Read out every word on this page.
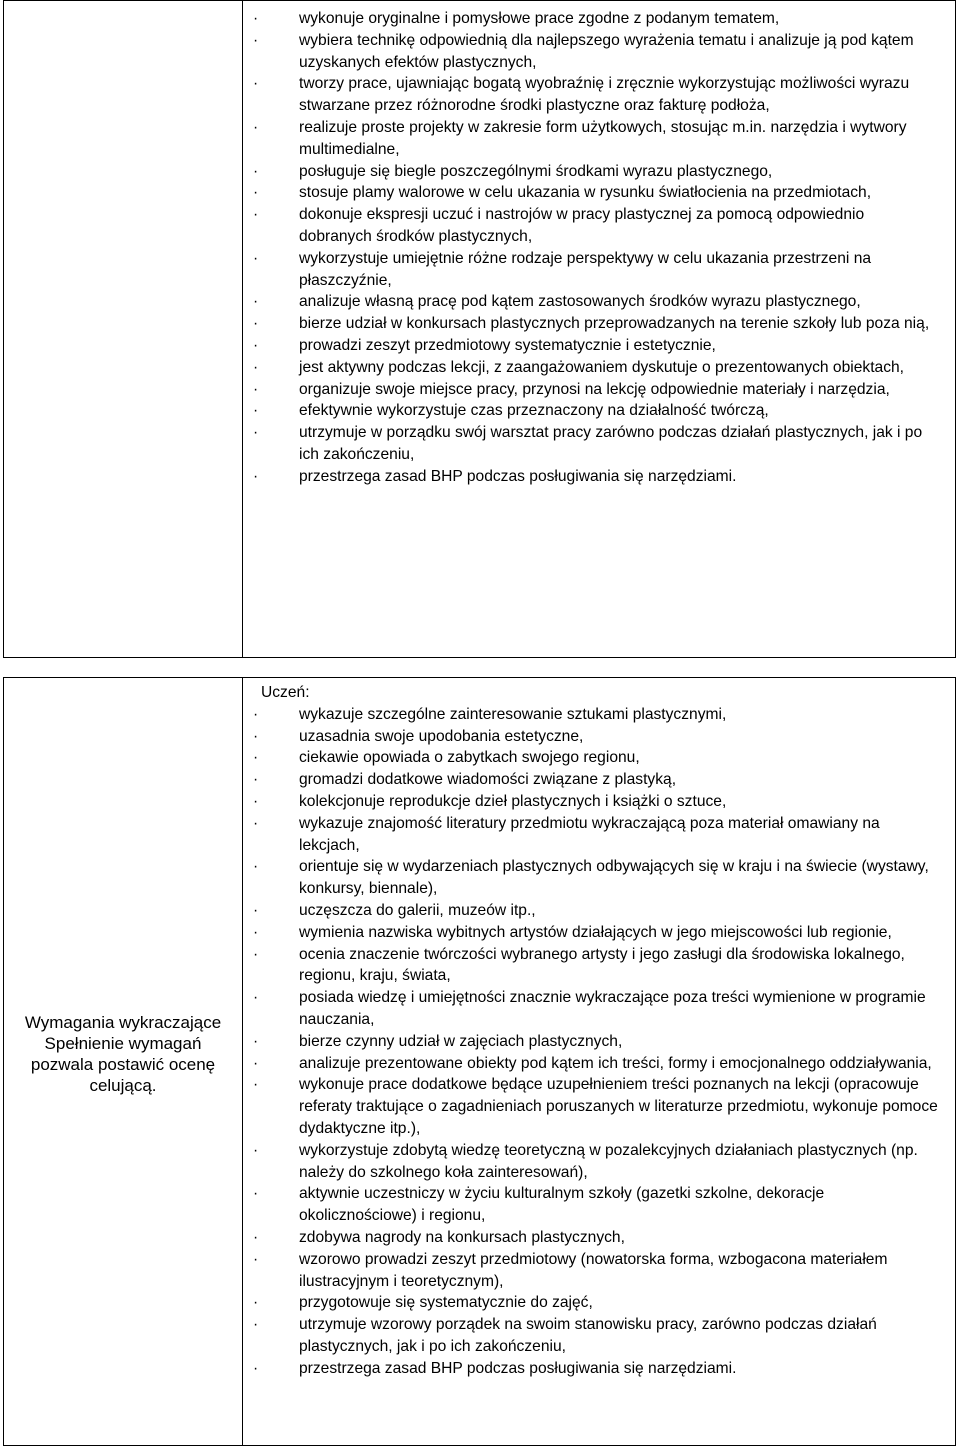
· wykonuje oryginalne i pomysłowe prace zgodne z podanym tematem,
· wybiera technikę odpowiednią dla najlepszego wyrażenia tematu i analizuje ją pod kątem uzyskanych efektów plastycznych,
· tworzy prace, ujawniając bogatą wyobraźnię i zręcznie wykorzystując możliwości wyrazu stwarzane przez różnorodne środki plastyczne oraz fakturę podłoża,
· realizuje proste projekty w zakresie form użytkowych, stosując m.in. narzędzia i wytwory multimedialne,
· posługuje się biegle poszczególnymi środkami wyrazu plastycznego,
· stosuje plamy walorowe w celu ukazania w rysunku światłocienia na przedmiotach,
· dokonuje ekspresji uczuć i nastrojów w pracy plastycznej za pomocą odpowiednio dobranych środków plastycznych,
· wykorzystuje umiejętnie różne rodzaje perspektywy w celu ukazania przestrzeni na płaszczyźnie,
· analizuje własną pracę pod kątem zastosowanych środków wyrazu plastycznego,
· bierze udział w konkursach plastycznych przeprowadzanych na terenie szkoły lub poza nią,
· prowadzi zeszyt przedmiotowy systematycznie i estetycznie,
· jest aktywny podczas lekcji, z zaangażowaniem dyskutuje o prezentowanych obiektach,
· organizuje swoje miejsce pracy, przynosi na lekcję odpowiednie materiały i narzędzia,
· efektywnie wykorzystuje czas przeznaczony na działalność twórczą,
· utrzymuje w porządku swój warsztat pracy zarówno podczas działań plastycznych, jak i po ich zakończeniu,
· przestrzega zasad BHP podczas posługiwania się narzędziami.
Wymagania wykraczające
Spełnienie wymagań pozwala postawić ocenę celującą.
Uczeń:
· wykazuje szczególne zainteresowanie sztukami plastycznymi,
· uzasadnia swoje upodobania estetyczne,
· ciekawie opowiada o zabytkach swojego regionu,
· gromadzi dodatkowe wiadomości związane z plastyką,
· kolekcjonuje reprodukcje dzieł plastycznych i książki o sztuce,
· wykazuje znajomość literatury przedmiotu wykraczającą poza materiał omawiany na lekcjach,
· orientuje się w wydarzeniach plastycznych odbywających się w kraju i na świecie (wystawy, konkursy, biennale),
· uczęszcza do galerii, muzeów itp.,
· wymienia nazwiska wybitnych artystów działających w jego miejscowości lub regionie,
· ocenia znaczenie twórczości wybranego artysty i jego zasługi dla środowiska lokalnego, regionu, kraju, świata,
· posiada wiedzę i umiejętności znacznie wykraczające poza treści wymienione w programie nauczania,
· bierze czynny udział w zajęciach plastycznych,
· analizuje prezentowane obiekty pod kątem ich treści, formy i emocjonalnego oddziaływania,
· wykonuje prace dodatkowe będące uzupełnieniem treści poznanych na lekcji (opracowuje referaty traktujące o zagadnieniach poruszanych w literaturze przedmiotu, wykonuje pomoce dydaktyczne itp.),
· wykorzystuje zdobytą wiedzę teoretyczną w pozalekcyjnych działaniach plastycznych (np. należy do szkolnego koła zainteresowań),
· aktywnie uczestniczy w życiu kulturalnym szkoły (gazetki szkolne, dekoracje okolicznościowe) i regionu,
· zdobywa nagrody na konkursach plastycznych,
· wzorowo prowadzi zeszyt przedmiotowy (nowatorska forma, wzbogacona materiałem ilustracyjnym i teoretycznym),
· przygotowuje się systematycznie do zajęć,
· utrzymuje wzorowy porządek na swoim stanowisku pracy, zarówno podczas działań plastycznych, jak i po ich zakończeniu,
· przestrzega zasad BHP podczas posługiwania się narzędziami.
